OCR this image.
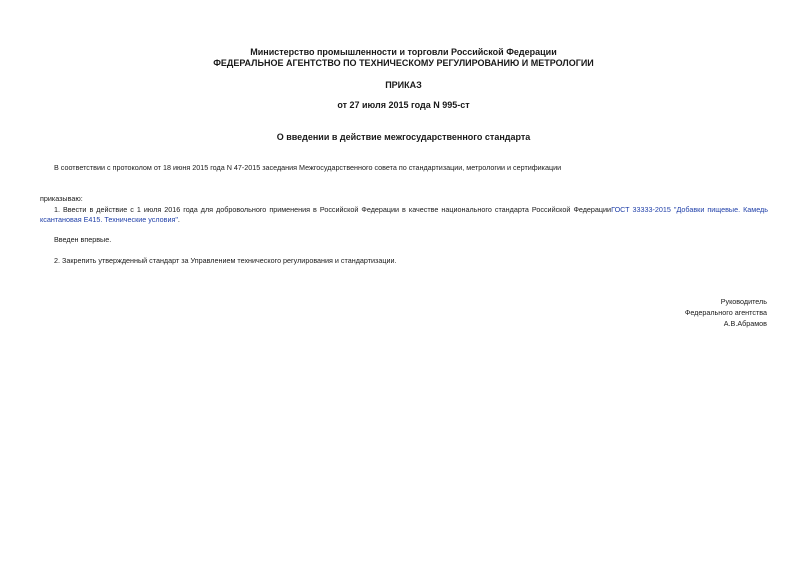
Министерство промышленности и торговли Российской Федерации
ФЕДЕРАЛЬНОЕ АГЕНТСТВО ПО ТЕХНИЧЕСКОМУ РЕГУЛИРОВАНИЮ И МЕТРОЛОГИИ
ПРИКАЗ
от 27 июля 2015 года N 995-ст
О введении в действие межгосударственного стандарта
В соответствии с протоколом от 18 июня 2015 года N 47-2015 заседания Межгосударственного совета по стандартизации, метрологии и сертификации
приказываю:
1. Ввести в действие с 1 июля 2016 года для добровольного применения в Российской Федерации в качестве национального стандарта Российской ФедерацииГОСТ 33333-2015 "Добавки пищевые. Камедь ксантановая Е415. Технические условия".
Введен впервые.
2. Закрепить утвержденный стандарт за Управлением технического регулирования и стандартизации.
Руководитель
Федерального агентства
А.В.Абрамов
